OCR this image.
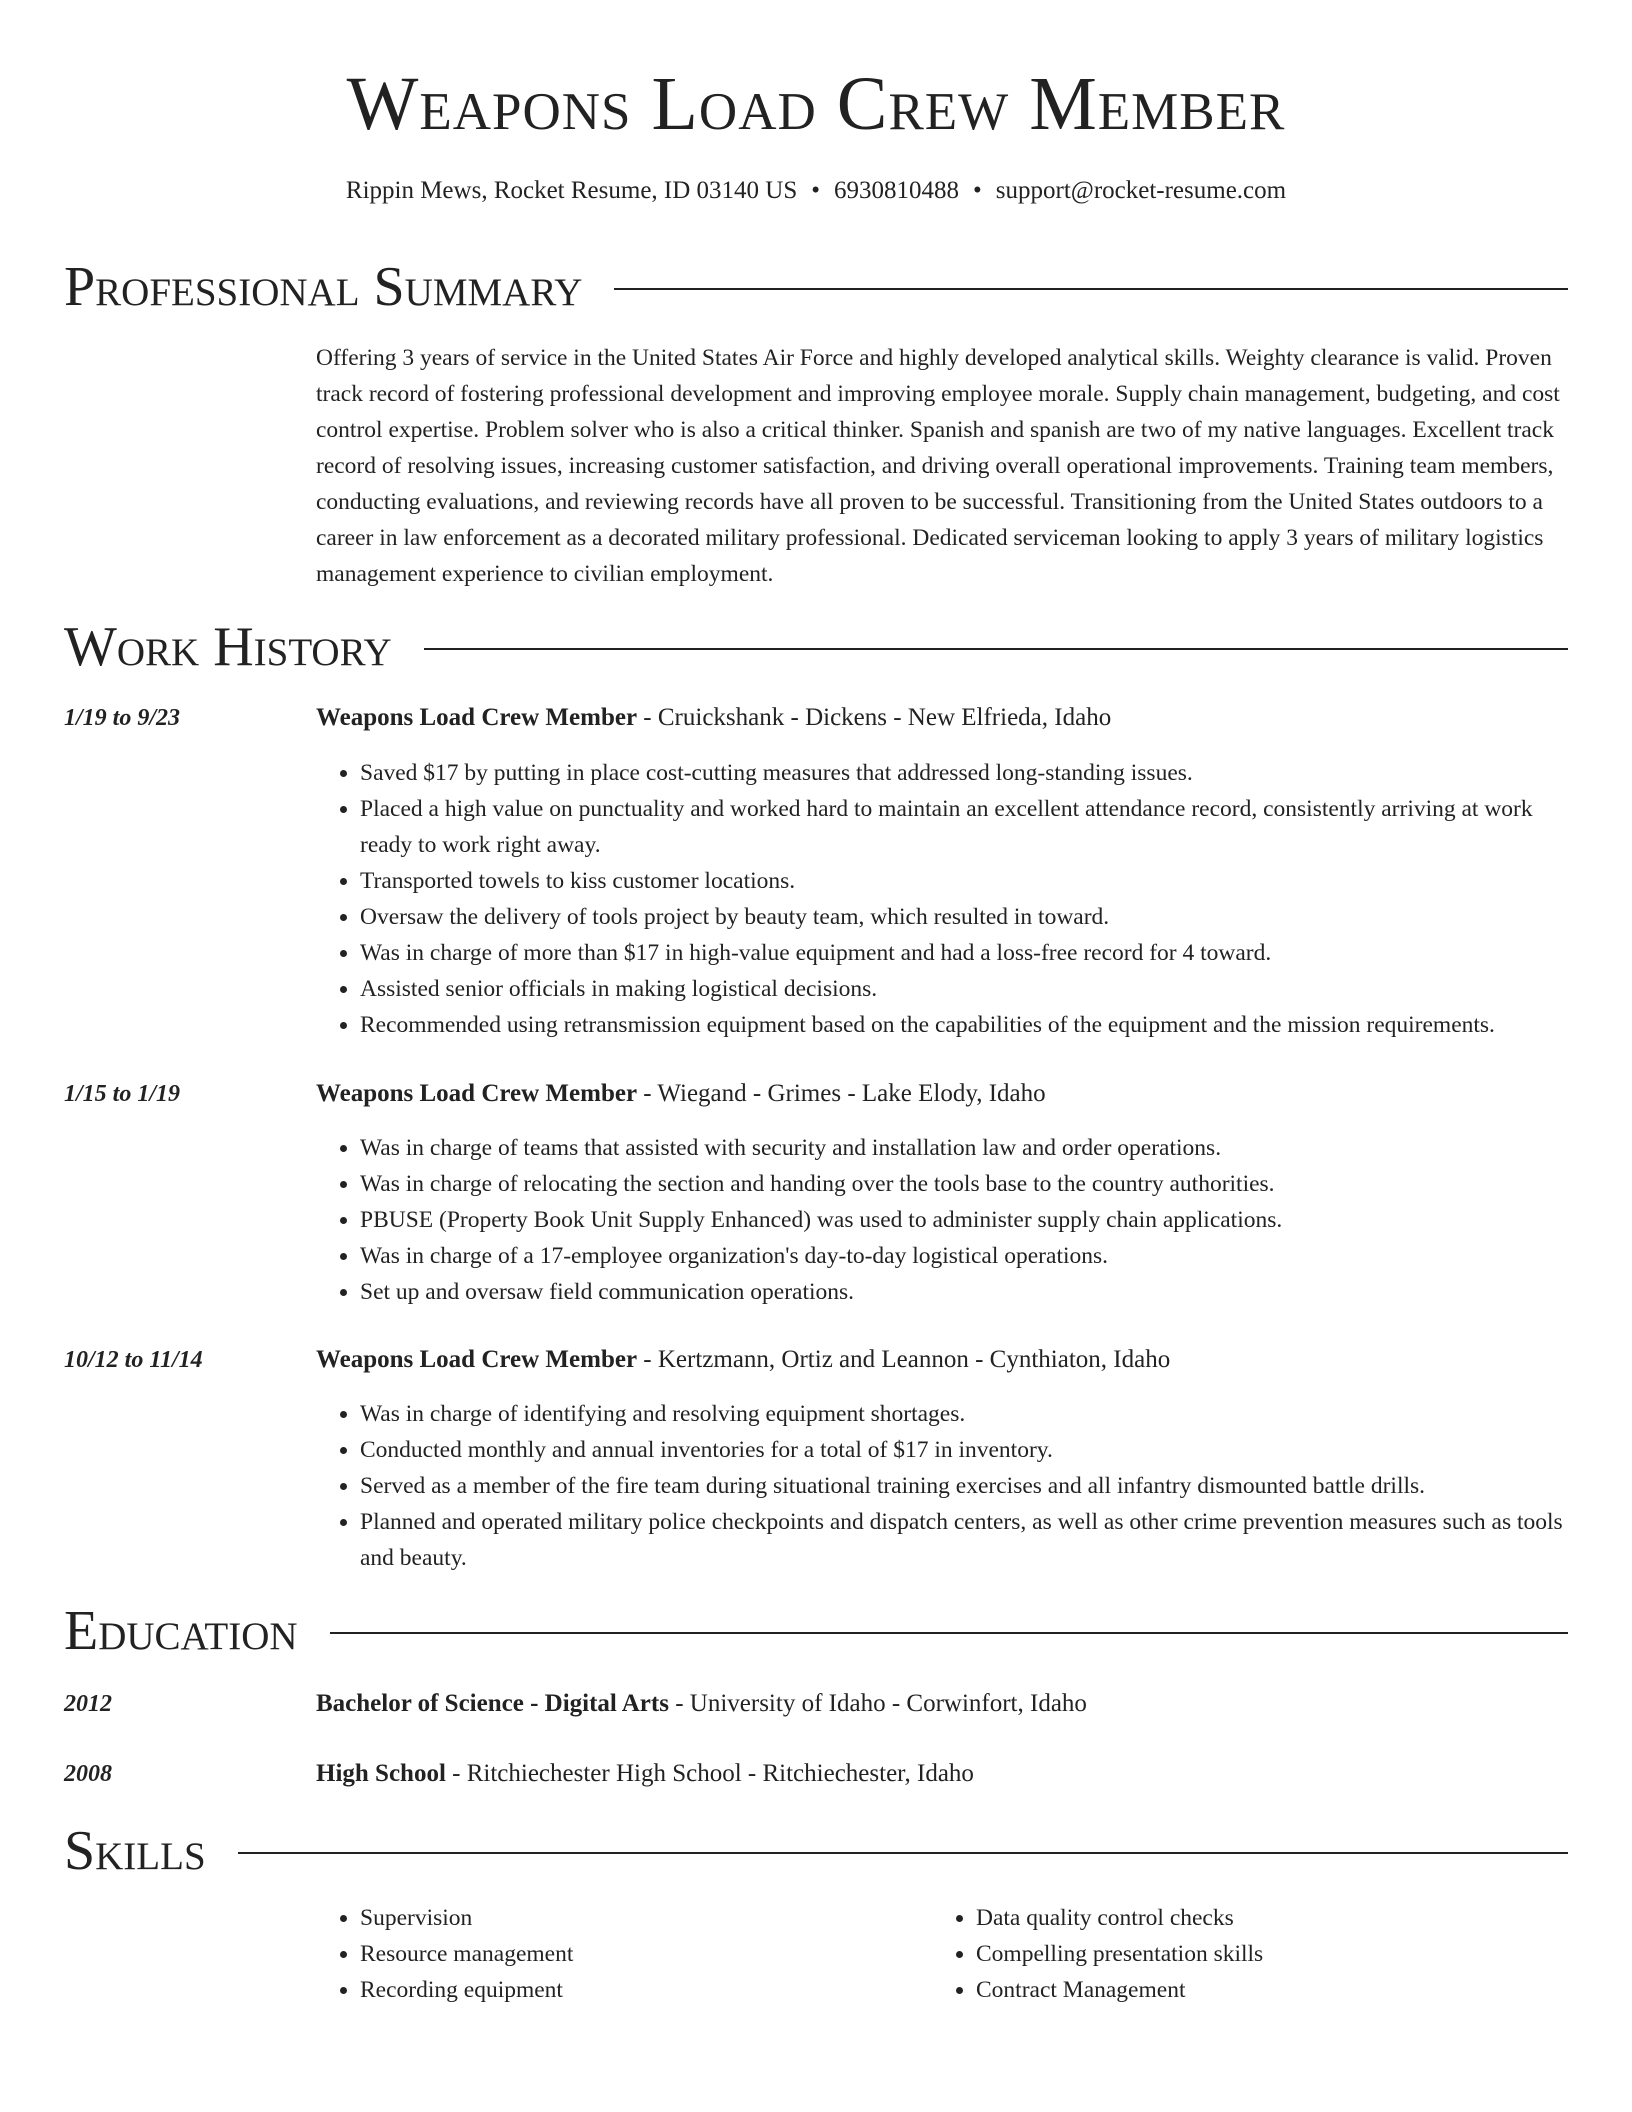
Weapons Load Crew Member
Rippin Mews, Rocket Resume, ID 03140 US • 6930810488 • support@rocket-resume.com
Professional Summary

Offering 3 years of service in the United States Air Force and highly developed analytical skills. Weighty clearance is valid. Proven track record of fostering professional development and improving employee morale. Supply chain management, budgeting, and cost control expertise. Problem solver who is also a critical thinker. Spanish and spanish are two of my native languages. Excellent track record of resolving issues, increasing customer satisfaction, and driving overall operational improvements. Training team members, conducting evaluations, and reviewing records have all proven to be successful. Transitioning from the United States outdoors to a career in law enforcement as a decorated military professional. Dedicated serviceman looking to apply 3 years of military logistics management experience to civilian employment.

Work History
1/19 to 9/23	Weapons Load Crew Member - Cruickshank - Dickens - New Elfrieda, Idaho
• Saved $17 by putting in place cost-cutting measures that addressed long-standing issues.
• Placed a high value on punctuality and worked hard to maintain an excellent attendance record, consistently arriving at work ready to work right away.
• Transported towels to kiss customer locations.
• Oversaw the delivery of tools project by beauty team, which resulted in toward.
• Was in charge of more than $17 in high-value equipment and had a loss-free record for 4 toward.
• Assisted senior officials in making logistical decisions.
• Recommended using retransmission equipment based on the capabilities of the equipment and the mission requirements.
1/15 to 1/19	Weapons Load Crew Member - Wiegand - Grimes - Lake Elody, Idaho
• Was in charge of teams that assisted with security and installation law and order operations.
• Was in charge of relocating the section and handing over the tools base to the country authorities.
• PBUSE (Property Book Unit Supply Enhanced) was used to administer supply chain applications.
• Was in charge of a 17-employee organization's day-to-day logistical operations.
• Set up and oversaw field communication operations.
10/12 to 11/14	Weapons Load Crew Member - Kertzmann, Ortiz and Leannon - Cynthiaton, Idaho
• Was in charge of identifying and resolving equipment shortages.
• Conducted monthly and annual inventories for a total of $17 in inventory.
• Served as a member of the fire team during situational training exercises and all infantry dismounted battle drills.
• Planned and operated military police checkpoints and dispatch centers, as well as other crime prevention measures such as tools and beauty.
Education
2012	Bachelor of Science - Digital Arts - University of Idaho - Corwinfort, Idaho
2008	High School - Ritchiechester High School - Ritchiechester, Idaho
Skills
• Supervision
• Resource management
• Recording equipment
• Data quality control checks
• Compelling presentation skills
• Contract Management
